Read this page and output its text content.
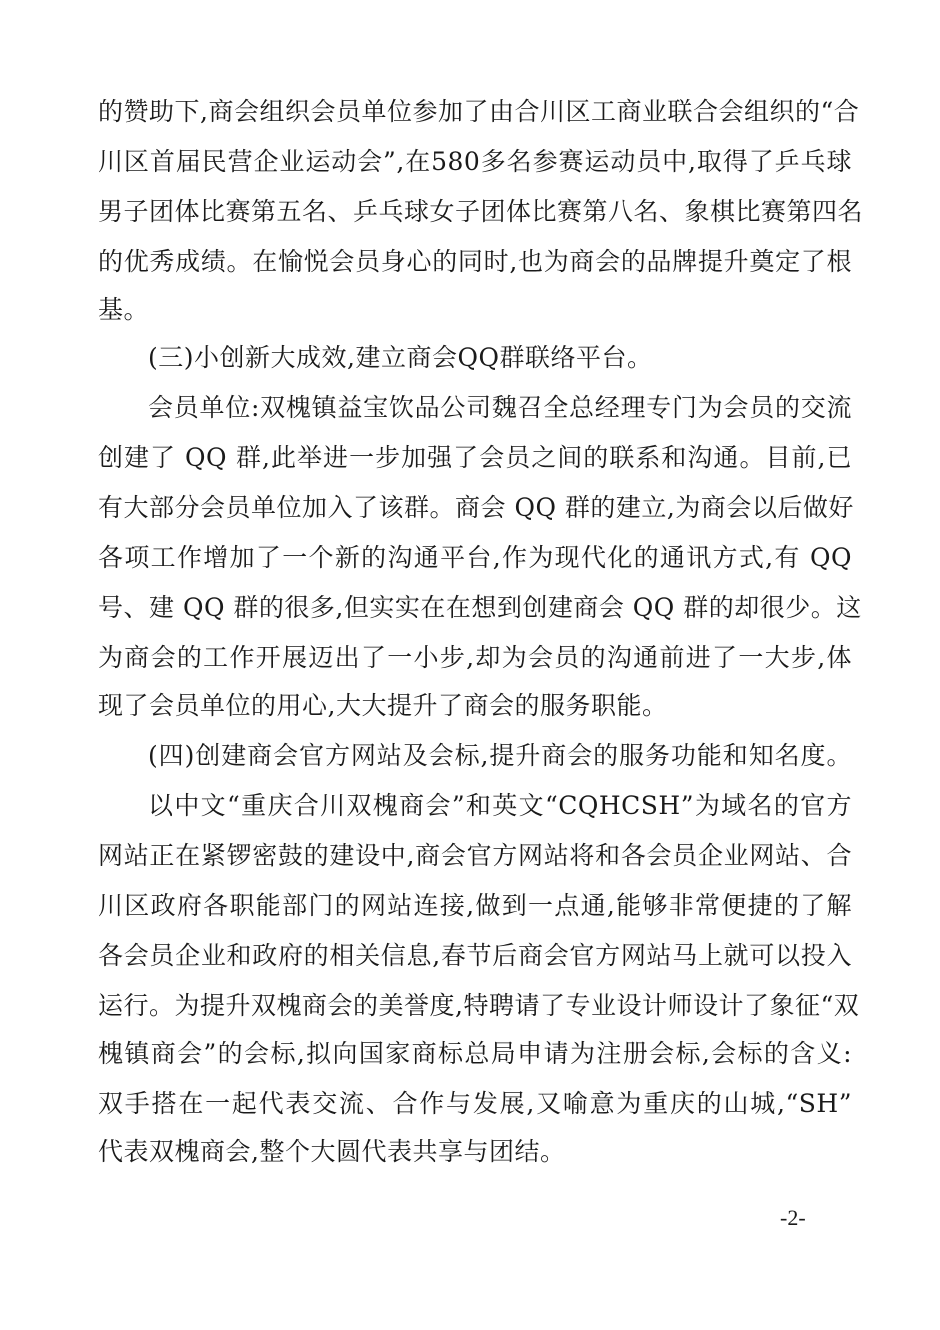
的赞助下,商会组织会员单位参加了由合川区工商业联合会组织的“合
川区首届民营企业运动会”,在580多名参赛运动员中,取得了乒乓球
男子团体比赛第五名、乒乓球女子团体比赛第八名、象棋比赛第四名
的优秀成绩。在愉悦会员身心的同时,也为商会的品牌提升奠定了根
基。
(三)小创新大成效,建立商会QQ群联络平台。
会员单位:双槐镇益宝饮品公司魏召全总经理专门为会员的交流
创建了 QQ 群,此举进一步加强了会员之间的联系和沟通。目前,已
有大部分会员单位加入了该群。商会 QQ 群的建立,为商会以后做好
各项工作增加了一个新的沟通平台,作为现代化的通讯方式,有 QQ
号、建 QQ 群的很多,但实实在在想到创建商会 QQ 群的却很少。这
为商会的工作开展迈出了一小步,却为会员的沟通前进了一大步,体
现了会员单位的用心,大大提升了商会的服务职能。
(四)创建商会官方网站及会标,提升商会的服务功能和知名度。
以中文“重庆合川双槐商会”和英文“CQHCSH”为域名的官方
网站正在紧锣密鼓的建设中,商会官方网站将和各会员企业网站、合
川区政府各职能部门的网站连接,做到一点通,能够非常便捷的了解
各会员企业和政府的相关信息,春节后商会官方网站马上就可以投入
运行。为提升双槐商会的美誉度,特聘请了专业设计师设计了象征“双
槐镇商会”的会标,拟向国家商标总局申请为注册会标,会标的含义:
双手搭在一起代表交流、合作与发展,又喻意为重庆的山城,“SH”
代表双槐商会,整个大圆代表共享与团结。
-2-
